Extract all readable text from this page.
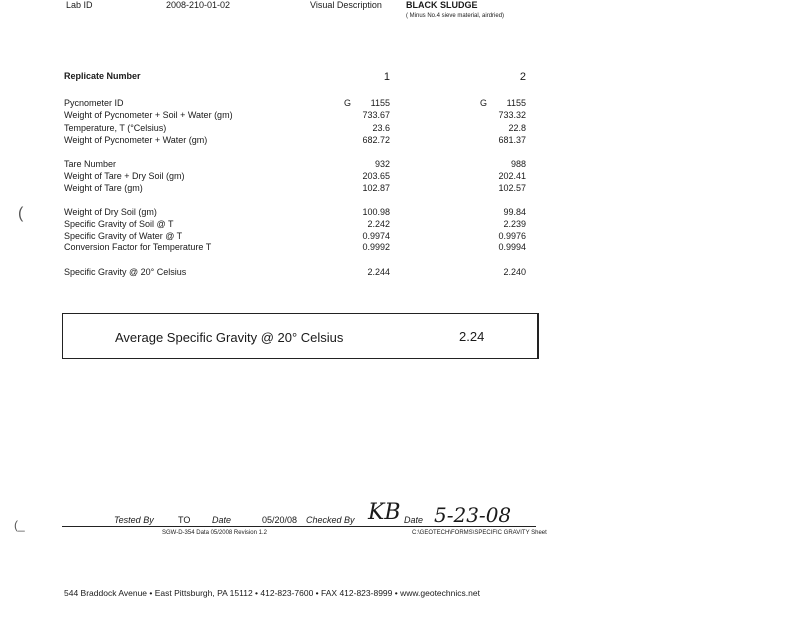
Lab ID	2008-210-01-02	Visual Description	BLACK SLUDGE
( Minus No.4 sieve material, airdried)
Replicate Number	1	2
Pycnometer ID	G	1155	G	1155
Weight of Pycnometer + Soil + Water (gm)	733.67	733.32
Temperature, T (°Celsius)	23.6	22.8
Weight of Pycnometer + Water (gm)	682.72	681.37
Tare Number	932	988
Weight of Tare + Dry Soil (gm)	203.65	202.41
Weight of Tare (gm)	102.87	102.57
Weight of Dry Soil (gm)	100.98	99.84
Specific Gravity of Soil @ T	2.242	2.239
Specific Gravity of Water @ T	0.9974	0.9976
Conversion Factor for Temperature T	0.9992	0.9994
Specific Gravity @ 20° Celsius	2.244	2.240
(
(_
Average Specific Gravity @ 20° Celsius	2.24
Tested By	TO Date	05/20/08 Checked By KB Date 5-23-08
SGW-D-354 Data 05/2008 Revision 1.2	C:\GEOTECH\FORMS\SPECIFIC GRAVITY Sheet
544 Braddock Avenue • East Pittsburgh, PA 15112 • 412-823-7600 • FAX 412-823-8999 • www.geotechnics.net
